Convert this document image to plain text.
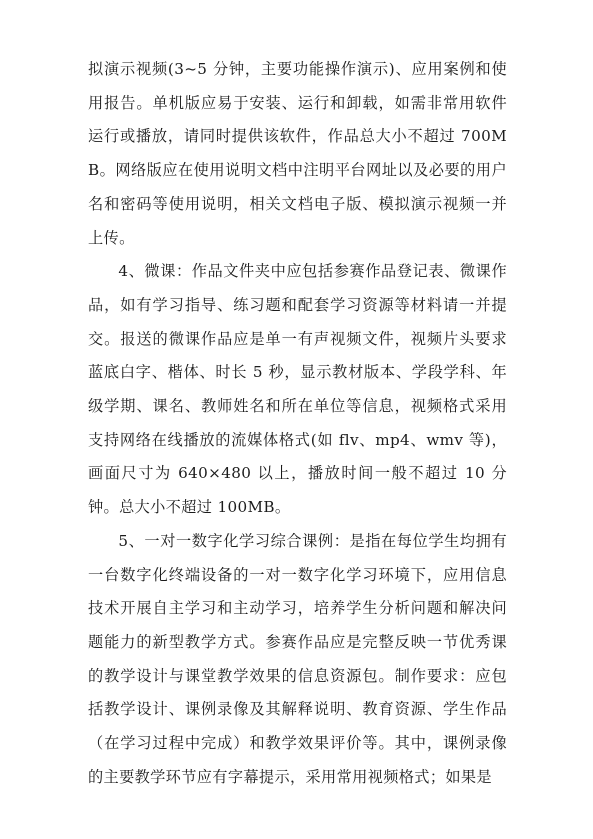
拟演示视频(3~5 分钟，主要功能操作演示)、应用案例和使用报告。单机版应易于安装、运行和卸载，如需非常用软件运行或播放，请同时提供该软件，作品总大小不超过 700MB。网络版应在使用说明文档中注明平台网址以及必要的用户名和密码等使用说明，相关文档电子版、模拟演示视频一并上传。

4、微课：作品文件夹中应包括参赛作品登记表、微课作品，如有学习指导、练习题和配套学习资源等材料请一并提交。报送的微课作品应是单一有声视频文件，视频片头要求蓝底白字、楷体、时长 5 秒，显示教材版本、学段学科、年级学期、课名、教师姓名和所在单位等信息，视频格式采用支持网络在线播放的流媒体格式(如 flv、mp4、wmv 等)，画面尺寸为 640×480 以上，播放时间一般不超过 10 分钟。总大小不超过 100MB。

5、一对一数字化学习综合课例：是指在每位学生均拥有一台数字化终端设备的一对一数字化学习环境下，应用信息技术开展自主学习和主动学习，培养学生分析问题和解决问题能力的新型教学方式。参赛作品应是完整反映一节优秀课的教学设计与课堂教学效果的信息资源包。制作要求：应包括教学设计、课例录像及其解释说明、教育资源、学生作品（在学习过程中完成）和教学效果评价等。其中，课例录像的主要教学环节应有字幕提示，采用常用视频格式；如果是
